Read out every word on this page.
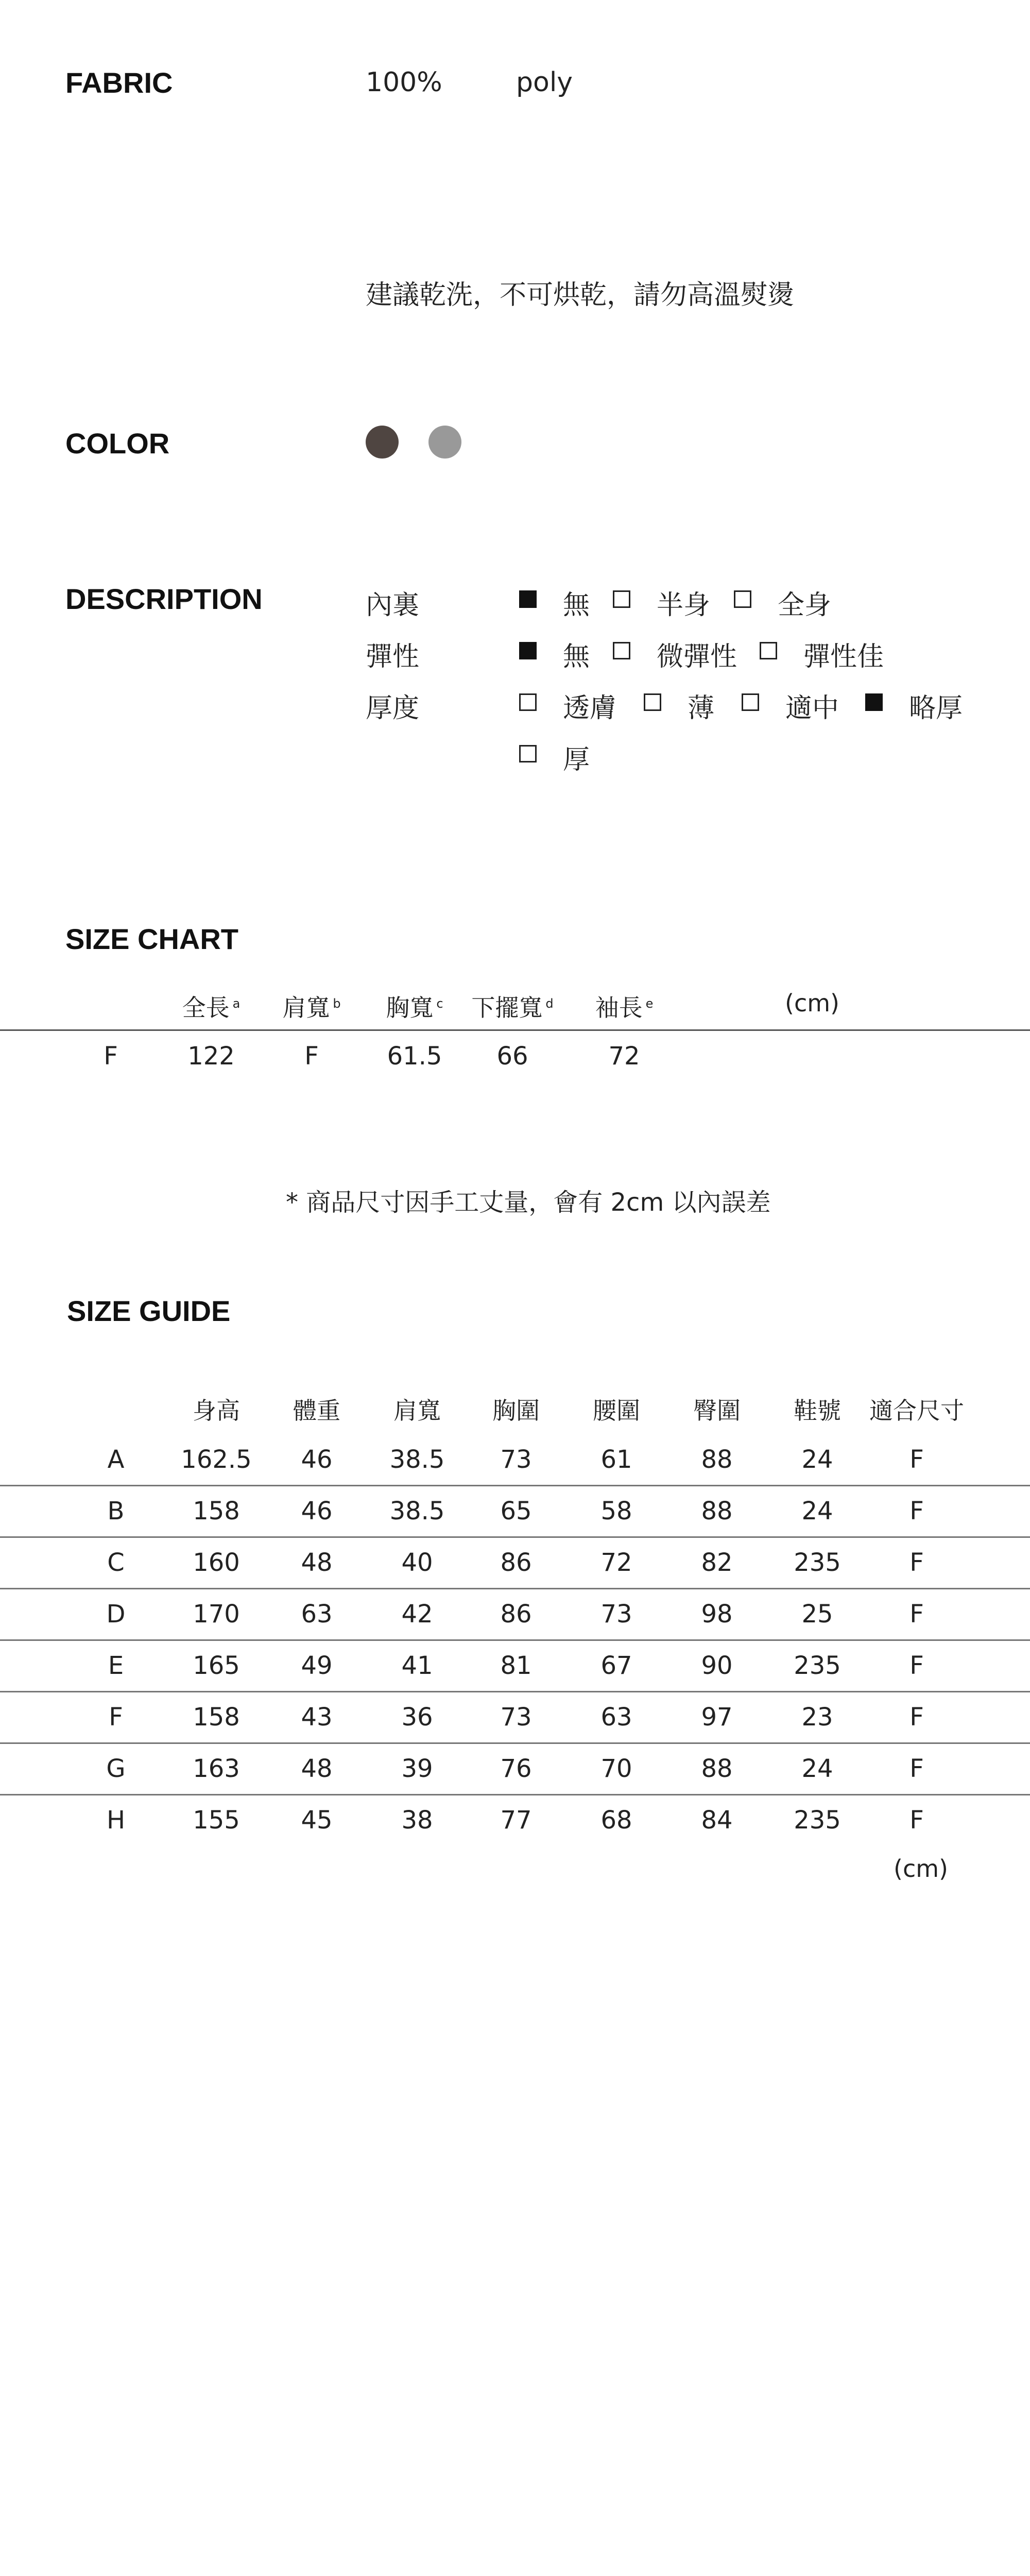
FABRIC	100%	poly
建議乾洗，不可烘乾，請勿高溫熨燙
COLOR
DESCRIPTION	內裏	無 半身	全身
彈性	無 微彈性 彈性佳
厚度	透膚	薄	適中	略厚
厚
SIZE CHART
全長 $^a$ 肩寬 $^b$ 胸寬 $^c$ 下擺寬 $^d$ 袖長 $^e$	(cm)
F	122	F	61.5 66	72
* 商品尺寸因手工丈量，會有 2cm 以內誤差
SIZE GUIDE
身高 體重 肩寬 胸圍 腰圍 臀圍 鞋號 適合尺寸
A 162.5 46 38.5 73	61	88	24	F
B	158 46 38.5 65	58	88	24	F
C	160 48	40	86	72	82 235	F
D	170 63	42	86	73	98	25	F
E	165 49	41	81	67	90 235	F
F	158 43	36	73	63	97	23	F
G	163 48	39	76	70	88	24	F
H	155 45	38	77	68	84 235	F
(cm)
